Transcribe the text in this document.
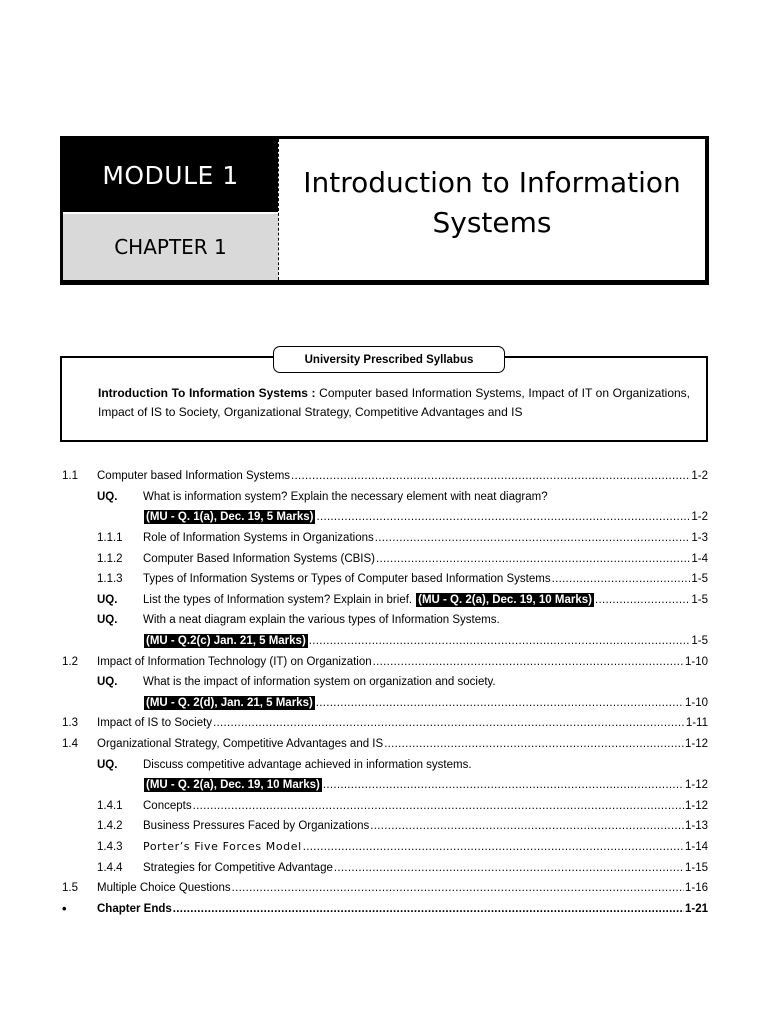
MODULE 1
CHAPTER 1
Introduction to Information
Systems
University Prescribed Syllabus

Introduction To Information Systems : Computer based Information Systems, Impact of IT on Organizations, Impact of IS to Society, Organizational Strategy, Competitive Advantages and IS

1.1 Computer based Information Systems .....	1-2
UQ. What is information system? Explain the necessary element with neat diagram?
(MU - Q. 1(a), Dec. 19, 5 Marks) .....	1-2
1.1.1 Role of Information Systems in Organizations .....	1-3
1.1.2 Computer Based Information Systems (CBIS) .....	1-4
1.1.3 Types of Information Systems or Types of Computer based Information Systems .....	1-5
UQ. List the types of Information system? Explain in brief. (MU - Q. 2(a), Dec. 19, 10 Marks) .....	1-5
UQ. With a neat diagram explain the various types of Information Systems.
(MU - Q.2(c) Jan. 21, 5 Marks) .....	1-5
1.2 Impact of Information Technology (IT) on Organization .....	1-10
UQ. What is the impact of information system on organization and society.
(MU - Q. 2(d), Jan. 21, 5 Marks) .....	1-10
1.3 Impact of IS to Society .....	1-11
1.4 Organizational Strategy, Competitive Advantages and IS .....	1-12
UQ. Discuss competitive advantage achieved in information systems.
(MU - Q. 2(a), Dec. 19, 10 Marks) .....	1-12
1.4.1 Concepts .....	1-12
1.4.2 Business Pressures Faced by Organizations .....	1-13
1.4.3 Porter’s Five Forces Model .....	1-14
1.4.4 Strategies for Competitive Advantage .....	1-15
1.5 Multiple Choice Questions .....	1-16
•	Chapter Ends .....	1-21
